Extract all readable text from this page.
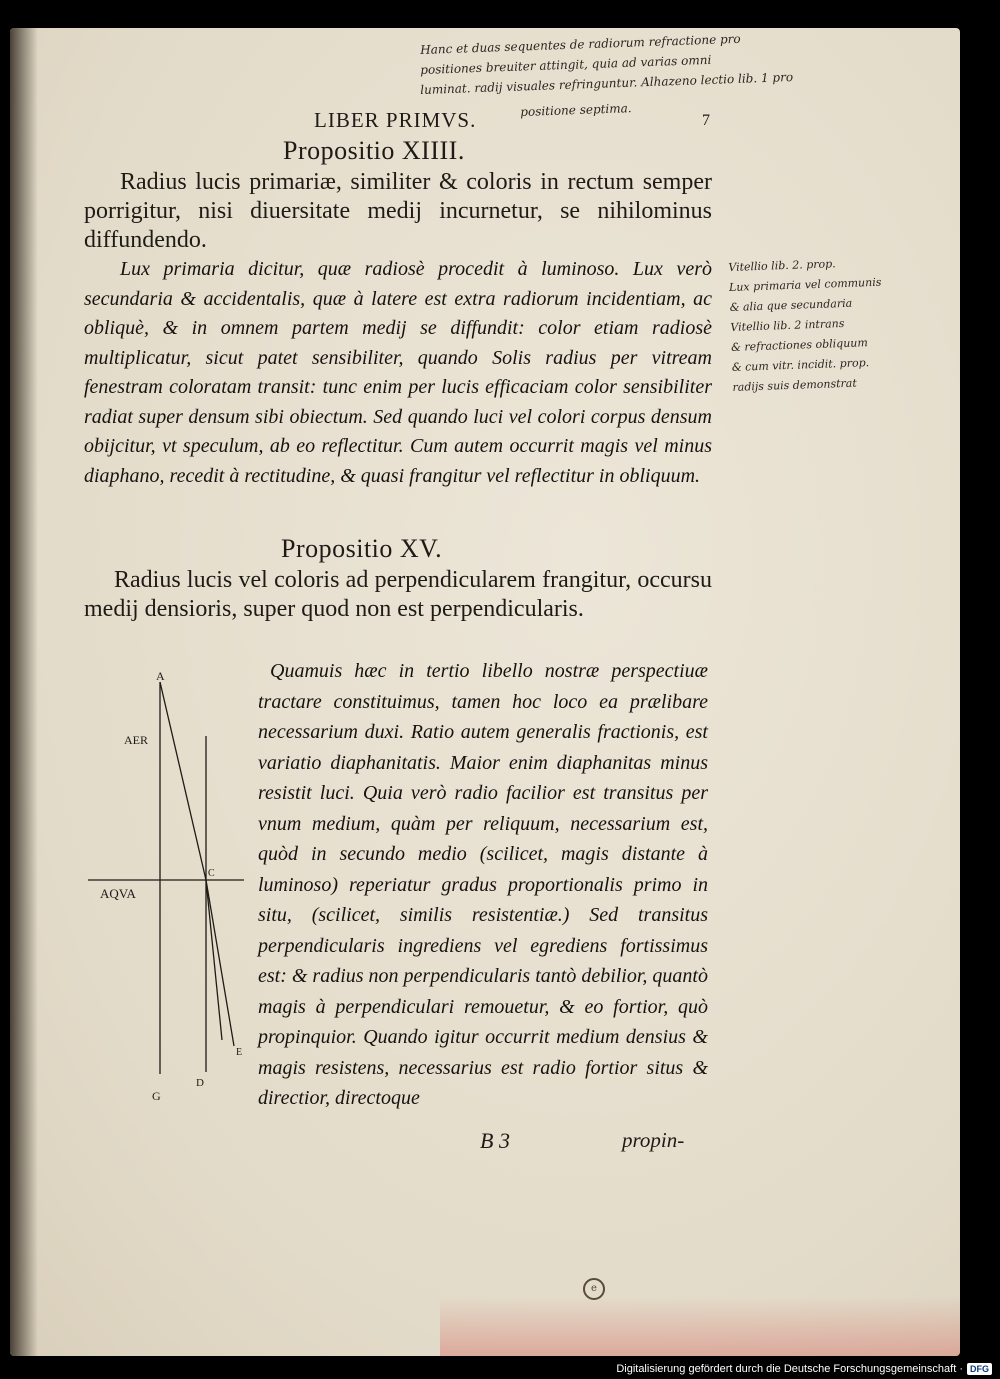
Hanc et duas sequentes de radiorum refractione pro
positiones breuiter attingit, quia ad varias omni
luminat. radij visuales refringuntur. Alhazeno lectio lib. 1 pro
positione septima.
LIBER PRIMVS.	7
Propositio XIIII.
Radius lucis primariæ, similiter & coloris in rectum semper porrigitur, nisi diuersitate medij incurnetur, se nihilominus diffundendo.
Lux primaria dicitur, quæ radiosè procedit à luminoso. Lux verò secundaria & accidentalis, quæ à latere est extra radiorum incidentiam, ac obliquè, & in omnem partem medij se diffundit: color etiam radiosè multiplicatur, sicut patet sensibiliter, quando Solis radius per vitream fenestram coloratam transit: tunc enim per lucis efficaciam color sensibiliter radiat super densum sibi obiectum. Sed quando luci vel colori corpus densum obijcitur, vt speculum, ab eo reflectitur. Cum autem occurrit magis vel minus diaphano, recedit à rectitudine, & quasi frangitur vel reflectitur in obliquum.
Vitellio lib. 2. prop.
Lux primaria vel communis
& alia que secundaria
Vitellio lib. 2 intrans
& refractiones obliquum
& cum vitr. incidit. prop.
radijs suis demonstrat
Propositio XV.
Radius lucis vel coloris ad perpendicularem frangitur, occursu medij densioris, super quod non est perpendicularis.
Quamuis hæc in tertio libello nostræ perspectiuæ tractare constituimus, tamen hoc loco ea prælibare necessarium duxi. Ratio autem generalis fractionis, est variatio diaphanitatis. Maior enim diaphanitas minus resistit luci. Quia verò radio facilior est transitus per vnum medium, quàm per reliquum, necessarium est, quòd in secundo medio (scilicet, magis distante à luminoso) reperiatur gradus proportionalis primo in situ, (scilicet, similis resistentiæ.) Sed transitus perpendicularis ingrediens vel egrediens fortissimus est: & radius non perpendicularis tantò debilior, quantò magis à perpendiculari remouetur, & eo fortior, quò propinquior. Quando igitur occurrit medium densius & magis resistens, necessarius est radio fortior situs & directior, directoque
A
AER
AQVA
C
E
D
G
B 3	propin-
e
Digitalisierung gefördert durch die Deutsche Forschungsgemeinschaft · DFG
